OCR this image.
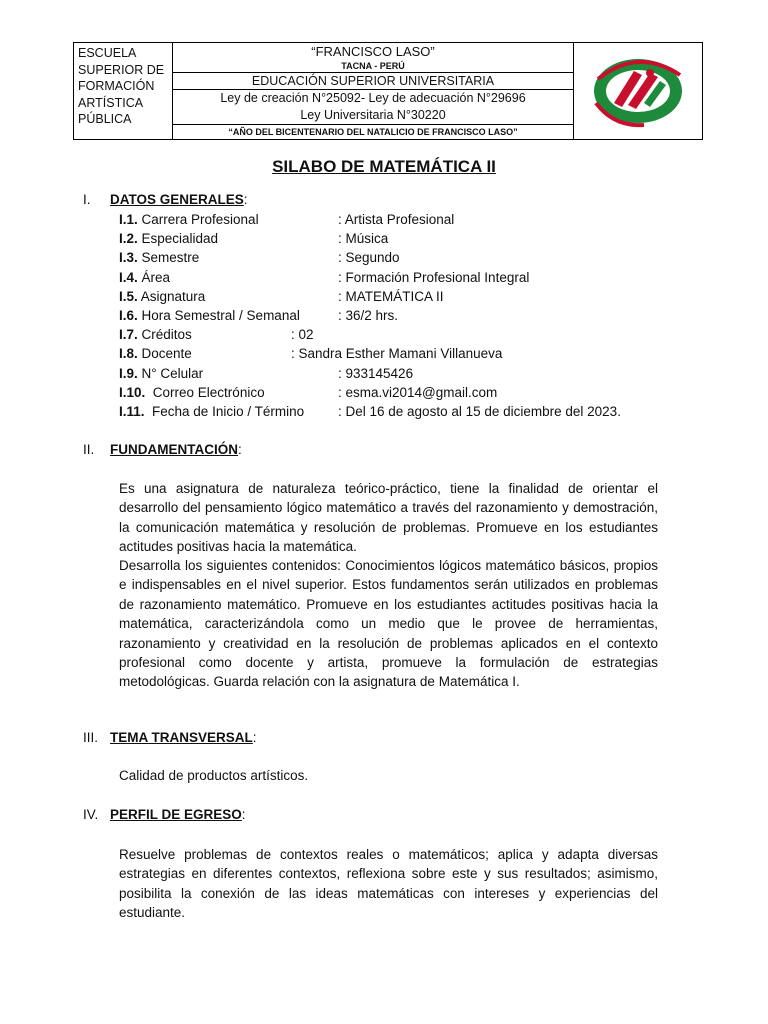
ESCUELA SUPERIOR DE FORMACIÓN ARTÍSTICA PÚBLICA	
“FRANCISCO LASO”
TACNA - PERÚ
EDUCACIÓN SUPERIOR UNIVERSITARIA
Ley de creación N°25092- Ley de adecuación N°29696
Ley Universitaria N°30220
“AÑO DEL BICENTENARIO DEL NATALICIO DE FRANCISCO LASO”

SILABO DE MATEMÁTICA II
I. DATOS GENERALES:
I.1. Carrera Profesional	: Artista Profesional
I.2. Especialidad	: Música
I.3. Semestre	: Segundo
I.4. Área	: Formación Profesional Integral
I.5. Asignatura	: MATEMÁTICA II
I.6. Hora Semestral / Semanal	: 36/2 hrs.
I.7. Créditos	: 02
I.8. Docente	: Sandra Esther Mamani Villanueva
I.9. N° Celular	: 933145426
I.10.  Correo Electrónico	: esma.vi2014@gmail.com
I.11.  Fecha de Inicio / Término	: Del 16 de agosto al 15 de diciembre del 2023.
II. FUNDAMENTACIÓN:
Es una asignatura de naturaleza teórico-práctico, tiene la finalidad de orientar el desarrollo del pensamiento lógico matemático a través del razonamiento y demostración, la comunicación matemática y resolución de problemas. Promueve en los estudiantes actitudes positivas hacia la matemática.
Desarrolla los siguientes contenidos: Conocimientos lógicos matemático básicos, propios e indispensables en el nivel superior. Estos fundamentos serán utilizados en problemas de razonamiento matemático. Promueve en los estudiantes actitudes positivas hacia la matemática, caracterizándola como un medio que le provee de herramientas, razonamiento y creatividad en la resolución de problemas aplicados en el contexto profesional como docente y artista, promueve la formulación de estrategias metodológicas. Guarda relación con la asignatura de Matemática I.
III. TEMA TRANSVERSAL:
Calidad de productos artísticos.
IV. PERFIL DE EGRESO:
Resuelve problemas de contextos reales o matemáticos; aplica y adapta diversas estrategias en diferentes contextos, reflexiona sobre este y sus resultados; asimismo, posibilita la conexión de las ideas matemáticas con intereses y experiencias del estudiante.
